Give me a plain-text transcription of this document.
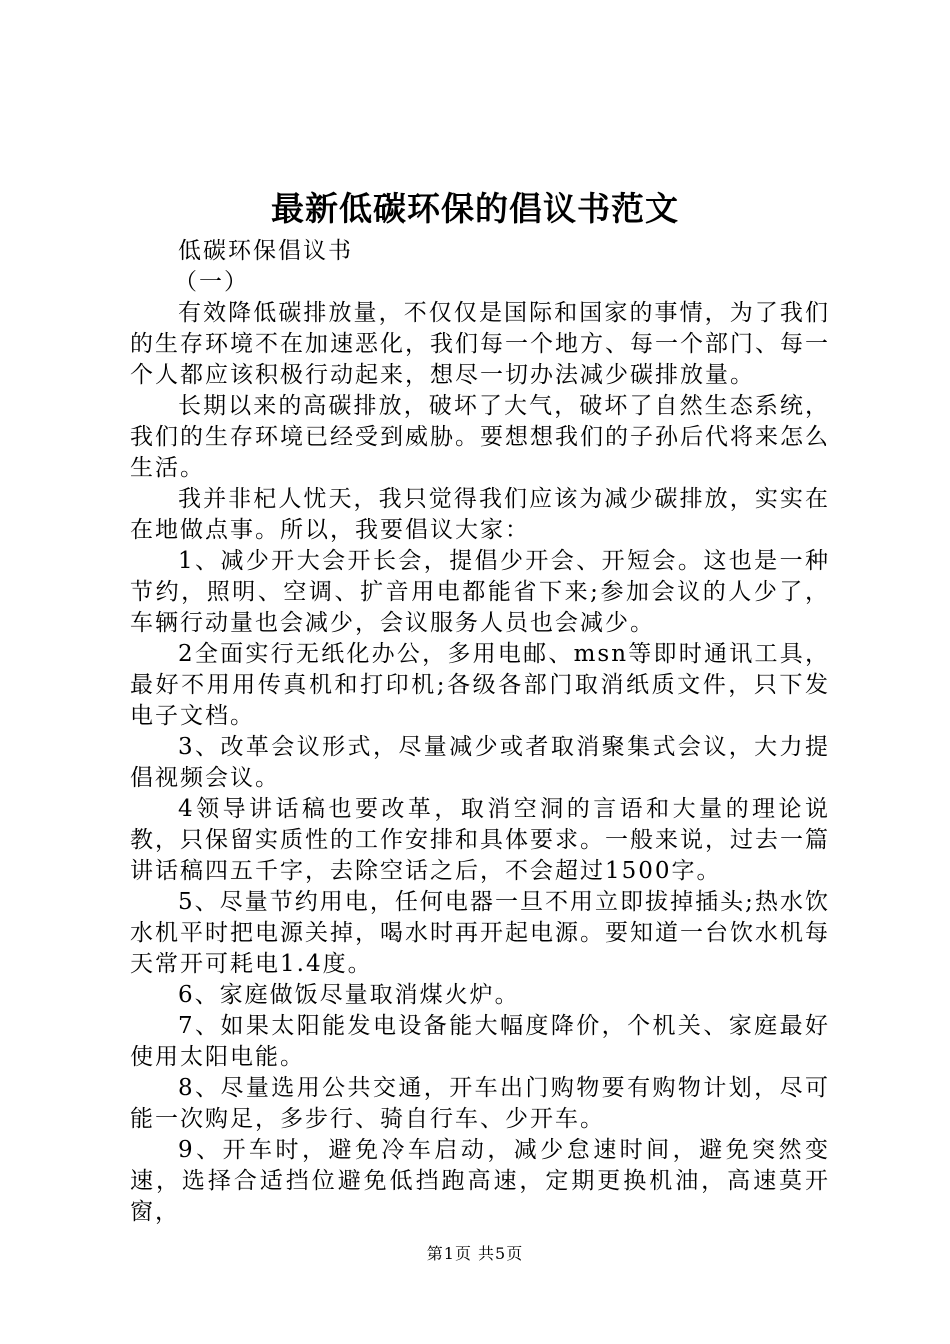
最新低碳环保的倡议书范文

低碳环保倡议书

（一）

有效降低碳排放量，不仅仅是国际和国家的事情，为了我们的生存环境不在加速恶化，我们每一个地方、每一个部门、每一个人都应该积极行动起来，想尽一切办法减少碳排放量。

长期以来的高碳排放，破坏了大气，破坏了自然生态系统，我们的生存环境已经受到威胁。要想想我们的子孙后代将来怎么生活。

我并非杞人忧天，我只觉得我们应该为减少碳排放，实实在在地做点事。所以，我要倡议大家：

1、减少开大会开长会，提倡少开会、开短会。这也是一种节约，照明、空调、扩音用电都能省下来;参加会议的人少了，车辆行动量也会减少，会议服务人员也会减少。

2全面实行无纸化办公，多用电邮、msn等即时通讯工具，最好不用用传真机和打印机;各级各部门取消纸质文件，只下发电子文档。

3、改革会议形式，尽量减少或者取消聚集式会议，大力提倡视频会议。

4领导讲话稿也要改革，取消空洞的言语和大量的理论说教，只保留实质性的工作安排和具体要求。一般来说，过去一篇讲话稿四五千字，去除空话之后，不会超过1500字。

5、尽量节约用电，任何电器一旦不用立即拔掉插头;热水饮水机平时把电源关掉，喝水时再开起电源。要知道一台饮水机每天常开可耗电1.4度。

6、家庭做饭尽量取消煤火炉。

7、如果太阳能发电设备能大幅度降价，个机关、家庭最好使用太阳电能。

8、尽量选用公共交通，开车出门购物要有购物计划，尽可能一次购足，多步行、骑自行车、少开车。

9、开车时，避免冷车启动，减少怠速时间，避免突然变速，选择合适挡位避免低挡跑高速，定期更换机油，高速莫开窗，

第1页 共5页
